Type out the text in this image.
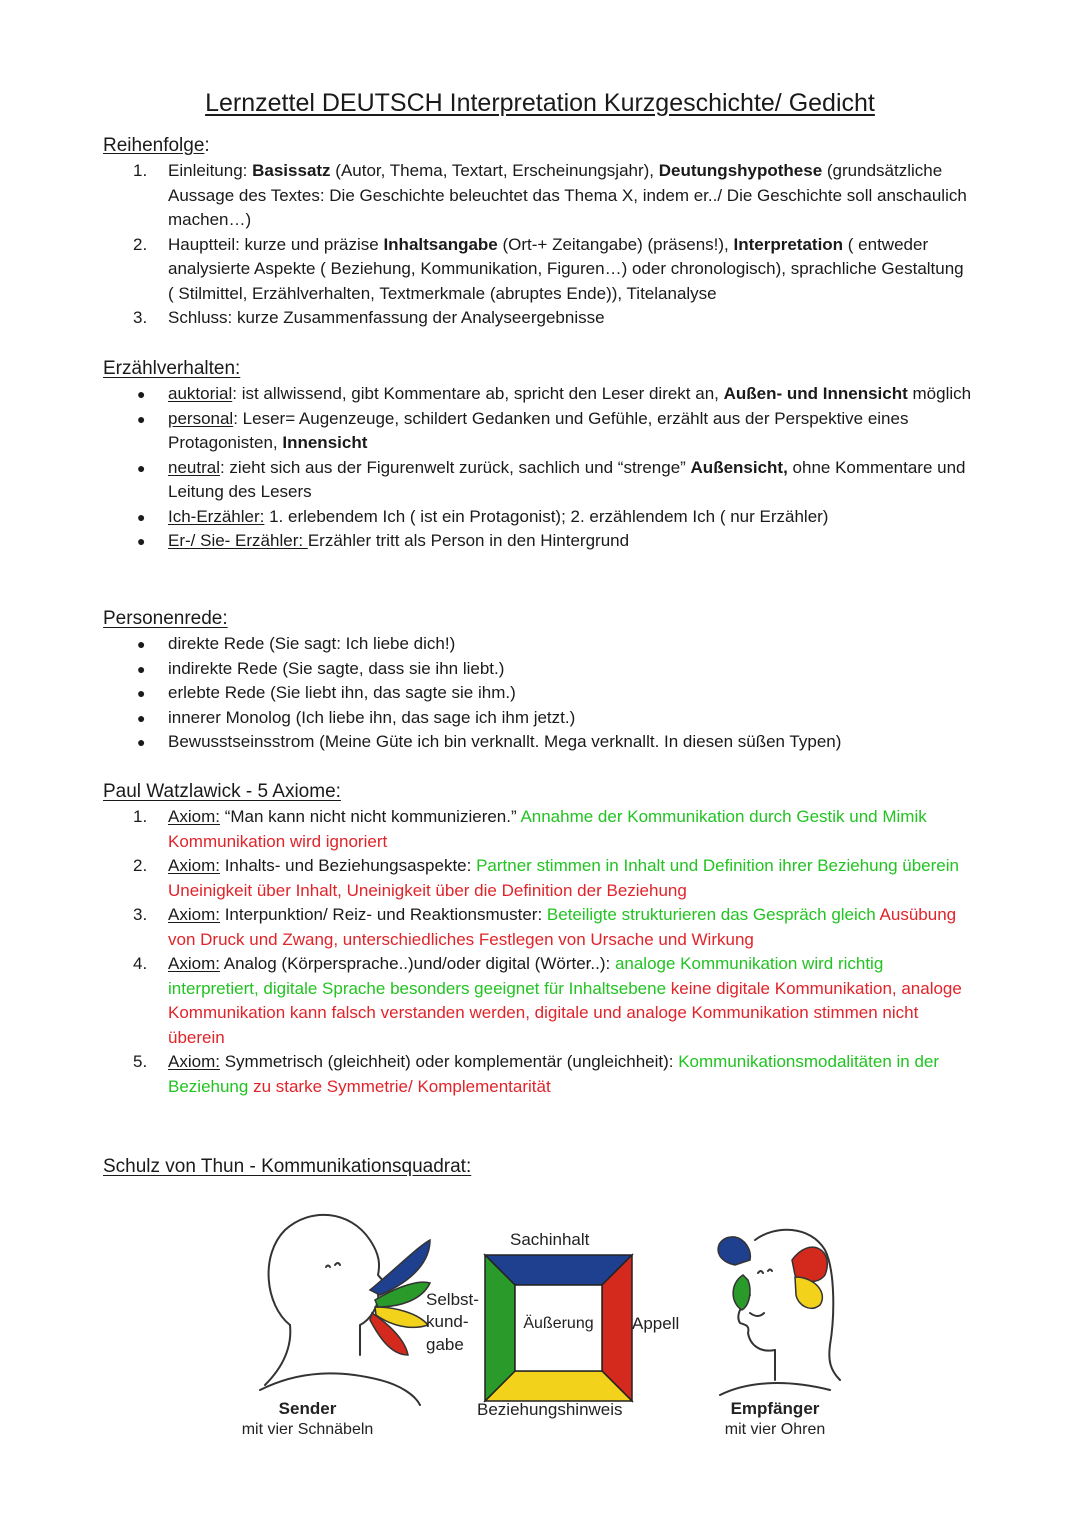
Lernzettel DEUTSCH Interpretation Kurzgeschichte/ Gedicht
Reihenfolge:
1.	Einleitung: Basissatz (Autor, Thema, Textart, Erscheinungsjahr), Deutungshypothese (grundsätzliche Aussage des Textes: Die Geschichte beleuchtet das Thema X, indem er../ Die Geschichte soll anschaulich machen…)
2.	Hauptteil: kurze und präzise Inhaltsangabe (Ort-+ Zeitangabe) (präsens!), Interpretation ( entweder analysierte Aspekte ( Beziehung, Kommunikation, Figuren…) oder chronologisch), sprachliche Gestaltung ( Stilmittel, Erzählverhalten, Textmerkmale (abruptes Ende)), Titelanalyse
3.	Schluss: kurze Zusammenfassung der Analyseergebnisse
Erzählverhalten:
● auktorial: ist allwissend, gibt Kommentare ab, spricht den Leser direkt an, Außen- und Innensicht möglich
● personal: Leser= Augenzeuge, schildert Gedanken und Gefühle, erzählt aus der Perspektive eines Protagonisten, Innensicht
● neutral: zieht sich aus der Figurenwelt zurück, sachlich und “strenge” Außensicht, ohne Kommentare und Leitung des Lesers
● Ich-Erzähler: 1. erlebendem Ich ( ist ein Protagonist); 2. erzählendem Ich ( nur Erzähler)
● Er-/ Sie- Erzähler: Erzähler tritt als Person in den Hintergrund
Personenrede:
● direkte Rede (Sie sagt: Ich liebe dich!)
● indirekte Rede (Sie sagte, dass sie ihn liebt.)
● erlebte Rede (Sie liebt ihn, das sagte sie ihm.)
● innerer Monolog (Ich liebe ihn, das sage ich ihm jetzt.)
● Bewusstseinsstrom (Meine Güte ich bin verknallt. Mega verknallt. In diesen süßen Typen)
Paul Watzlawick - 5 Axiome:
1.	Axiom: “Man kann nicht nicht kommunizieren.” Annahme der Kommunikation durch Gestik und Mimik Kommunikation wird ignoriert
2.	Axiom: Inhalts- und Beziehungsaspekte: Partner stimmen in Inhalt und Definition ihrer Beziehung überein Uneinigkeit über Inhalt, Uneinigkeit über die Definition der Beziehung
3.	Axiom: Interpunktion/ Reiz- und Reaktionsmuster: Beteiligte strukturieren das Gespräch gleich Ausübung von Druck und Zwang, unterschiedliches Festlegen von Ursache und Wirkung
4.	Axiom: Analog (Körpersprache..)und/oder digital (Wörter..): analoge Kommunikation wird richtig interpretiert, digitale Sprache besonders geeignet für Inhaltsebene keine digitale Kommunikation, analoge Kommunikation kann falsch verstanden werden, digitale und analoge Kommunikation stimmen nicht überein
5.	Axiom: Symmetrisch (gleichheit) oder komplementär (ungleichheit): Kommunikationsmodalitäten in der Beziehung zu starke Symmetrie/ Komplementarität
Schulz von Thun - Kommunikationsquadrat:
Sachinhalt
Selbst-
kund-
gabe
Äußerung	Appell
Beziehungshinweis
Sender
mit vier Schnäbeln
Empfänger
mit vier Ohren
